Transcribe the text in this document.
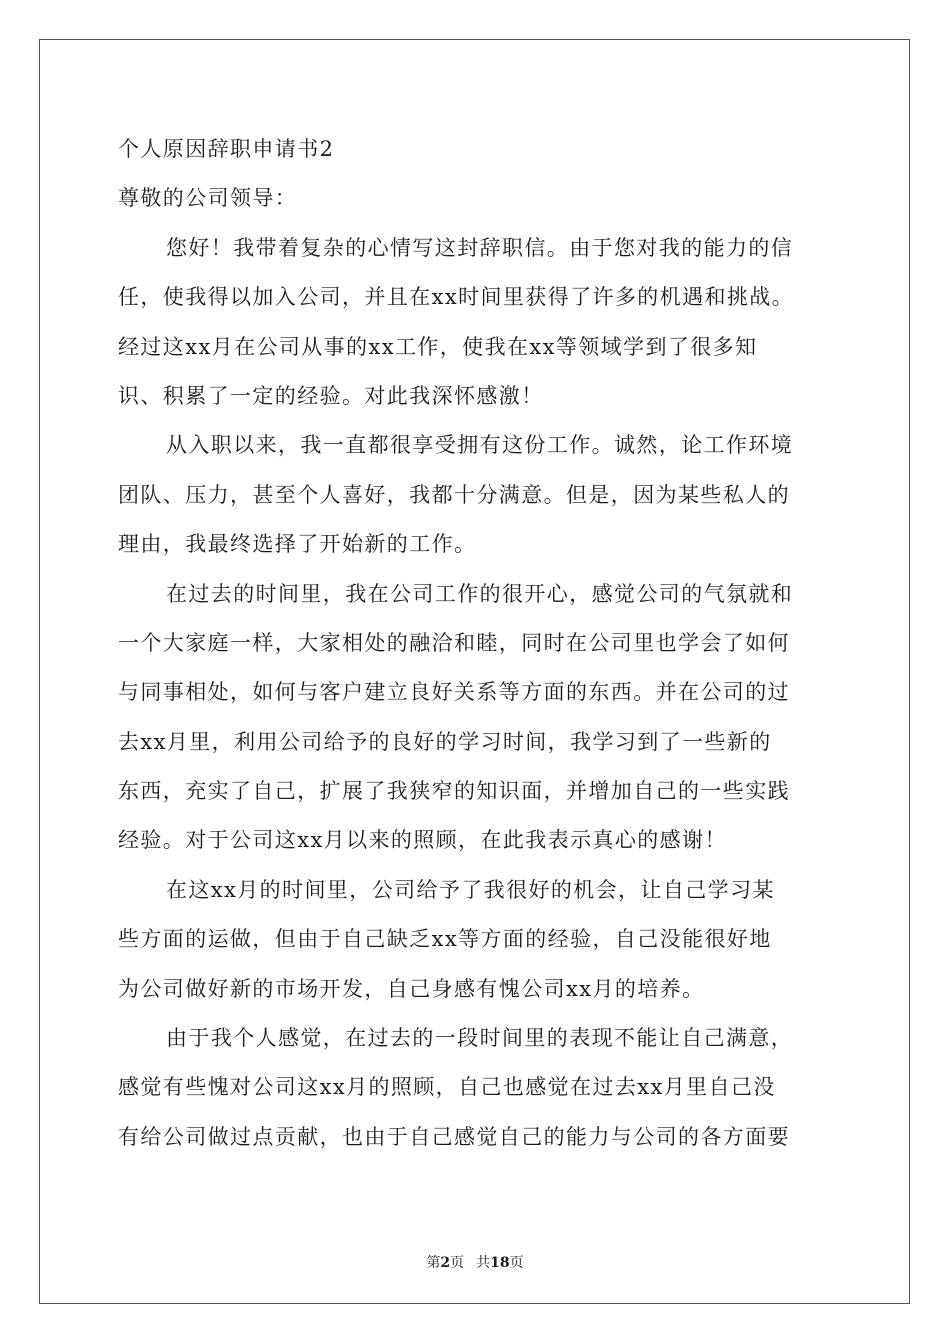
个人原因辞职申请书2
尊敬的公司领导：
您好！我带着复杂的心情写这封辞职信。由于您对我的能力的信
任，使我得以加入公司，并且在xx时间里获得了许多的机遇和挑战。
经过这xx月在公司从事的xx工作，使我在xx等领域学到了很多知
识、积累了一定的经验。对此我深怀感激！
从入职以来，我一直都很享受拥有这份工作。诚然，论工作环境
团队、压力，甚至个人喜好，我都十分满意。但是，因为某些私人的
理由，我最终选择了开始新的工作。
在过去的时间里，我在公司工作的很开心，感觉公司的气氛就和
一个大家庭一样，大家相处的融洽和睦，同时在公司里也学会了如何
与同事相处，如何与客户建立良好关系等方面的东西。并在公司的过
去xx月里，利用公司给予的良好的学习时间，我学习到了一些新的
东西，充实了自己，扩展了我狭窄的知识面，并增加自己的一些实践
经验。对于公司这xx月以来的照顾，在此我表示真心的感谢！
在这xx月的时间里，公司给予了我很好的机会，让自己学习某
些方面的运做，但由于自己缺乏xx等方面的经验，自己没能很好地
为公司做好新的市场开发，自己身感有愧公司xx月的培养。
由于我个人感觉，在过去的一段时间里的表现不能让自己满意，
感觉有些愧对公司这xx月的照顾，自己也感觉在过去xx月里自己没
有给公司做过点贡献，也由于自己感觉自己的能力与公司的各方面要
第2页 共18页
